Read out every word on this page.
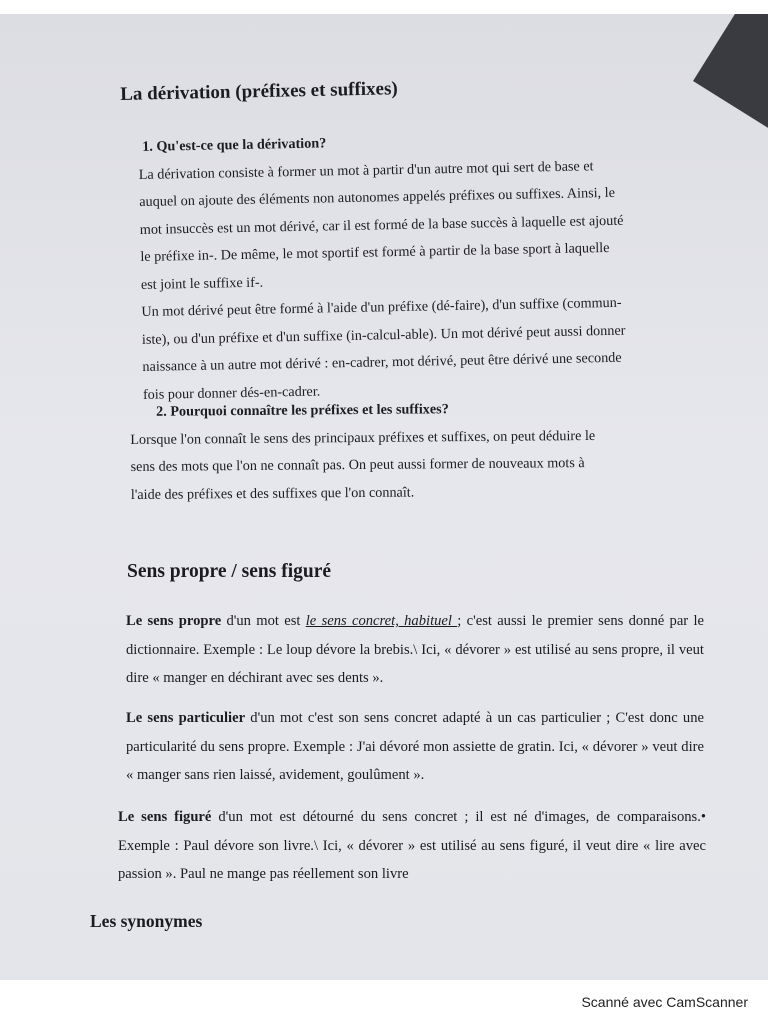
La dérivation (préfixes et suffixes)
1. Qu'est-ce que la dérivation?
La dérivation consiste à former un mot à partir d'un autre mot qui sert de base et
auquel on ajoute des éléments non autonomes appelés préfixes ou suffixes. Ainsi, le
mot insuccès est un mot dérivé, car il est formé de la base succès à laquelle est ajouté
le préfixe in-. De même, le mot sportif est formé à partir de la base sport à laquelle
est joint le suffixe if-.
Un mot dérivé peut être formé à l'aide d'un préfixe (dé-faire), d'un suffixe (commun-
iste), ou d'un préfixe et d'un suffixe (in-calcul-able). Un mot dérivé peut aussi donner
naissance à un autre mot dérivé : en-cadrer, mot dérivé, peut être dérivé une seconde
fois pour donner dés-en-cadrer.
2. Pourquoi connaître les préfixes et les suffixes?
Lorsque l'on connaît le sens des principaux préfixes et suffixes, on peut déduire le
sens des mots que l'on ne connaît pas. On peut aussi former de nouveaux mots à
l'aide des préfixes et des suffixes que l'on connaît.
Sens propre / sens figuré
Le sens propre d'un mot est le sens concret, habituel ; c'est aussi le premier sens donné par le dictionnaire. Exemple : Le loup dévore la brebis.\ Ici, « dévorer » est utilisé au sens propre, il veut dire « manger en déchirant avec ses dents ».
Le sens particulier d'un mot c'est son sens concret adapté à un cas particulier ; C'est donc une particularité du sens propre. Exemple : J'ai dévoré mon assiette de gratin. Ici, « dévorer » veut dire « manger sans rien laissé, avidement, goulûment ».
Le sens figuré d'un mot est détourné du sens concret ; il est né d'images, de comparaisons.• Exemple : Paul dévore son livre.\ Ici, « dévorer » est utilisé au sens figuré, il veut dire « lire avec passion ». Paul ne mange pas réellement son livre
Les synonymes
Scanné avec CamScanner
